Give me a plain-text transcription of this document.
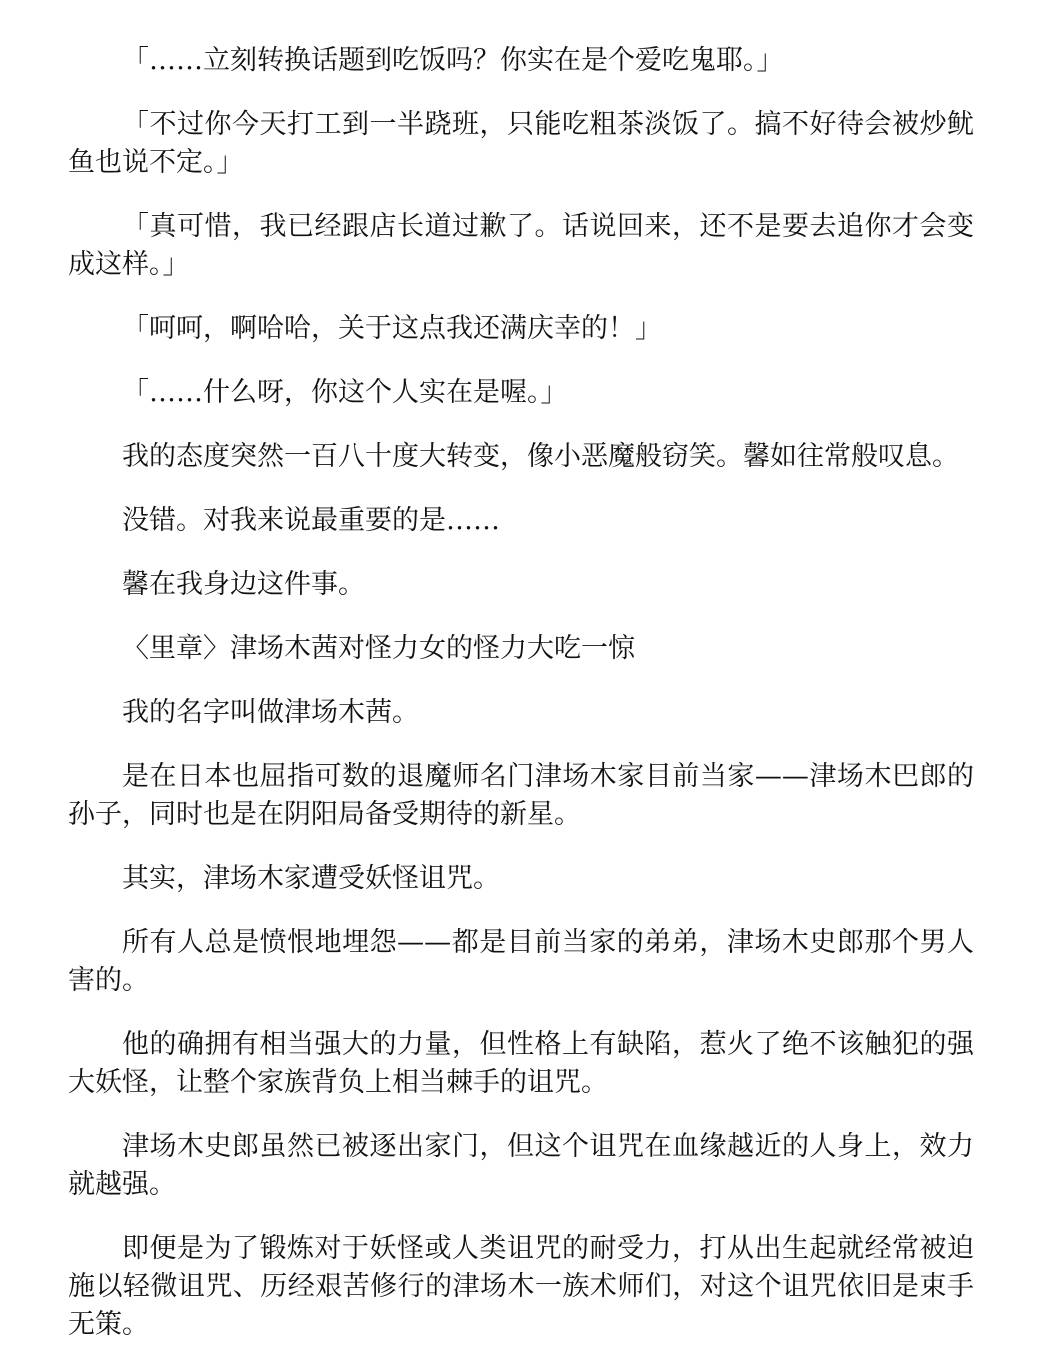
「……立刻转换话题到吃饭吗？你实在是个爱吃鬼耶。」

「不过你今天打工到一半跷班，只能吃粗茶淡饭了。搞不好待会被炒鱿鱼也说不定。」

「真可惜，我已经跟店长道过歉了。话说回来，还不是要去追你才会变成这样。」

「呵呵，啊哈哈，关于这点我还满庆幸的！」

「……什么呀，你这个人实在是喔。」

我的态度突然一百八十度大转变，像小恶魔般窃笑。馨如往常般叹息。

没错。对我来说最重要的是……

馨在我身边这件事。

〈里章〉津场木茜对怪力女的怪力大吃一惊

我的名字叫做津场木茜。

是在日本也屈指可数的退魔师名门津场木家目前当家——津场木巴郎的孙子，同时也是在阴阳局备受期待的新星。

其实，津场木家遭受妖怪诅咒。

所有人总是愤恨地埋怨——都是目前当家的弟弟，津场木史郎那个男人害的。

他的确拥有相当强大的力量，但性格上有缺陷，惹火了绝不该触犯的强大妖怪，让整个家族背负上相当棘手的诅咒。

津场木史郎虽然已被逐出家门，但这个诅咒在血缘越近的人身上，效力就越强。

即便是为了锻炼对于妖怪或人类诅咒的耐受力，打从出生起就经常被迫施以轻微诅咒、历经艰苦修行的津场木一族术师们，对这个诅咒依旧是束手无策。
